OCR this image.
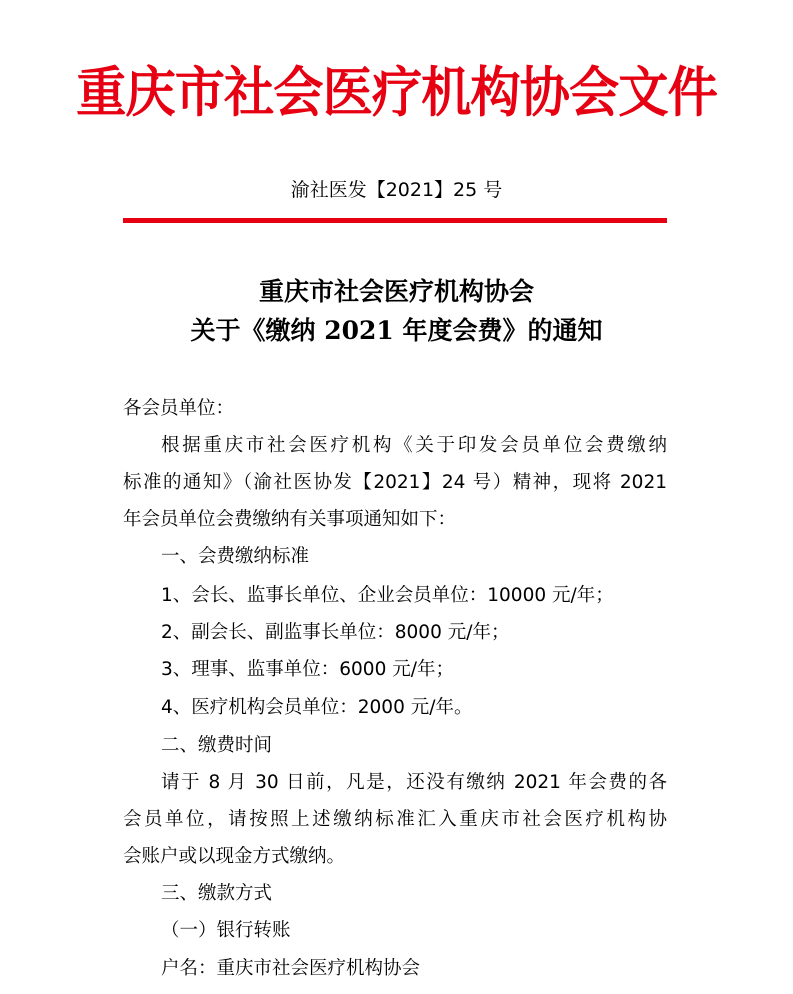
重庆市社会医疗机构协会文件
渝社医发【2021】25 号
重庆市社会医疗机构协会
关于《缴纳 2021 年度会费》的通知
各会员单位：
根据重庆市社会医疗机构《关于印发会员单位会费缴纳
标准的通知》（渝社医协发【2021】24 号）精神，现将 2021
年会员单位会费缴纳有关事项通知如下：
一、会费缴纳标准
1、会长、监事长单位、企业会员单位：10000 元/年；
2、副会长、副监事长单位：8000 元/年；
3、理事、监事单位：6000 元/年；
4、医疗机构会员单位：2000 元/年。
二、缴费时间
请于 8 月 30 日前，凡是，还没有缴纳 2021 年会费的各
会员单位，请按照上述缴纳标准汇入重庆市社会医疗机构协
会账户或以现金方式缴纳。
三、缴款方式
（一）银行转账
户名：重庆市社会医疗机构协会
